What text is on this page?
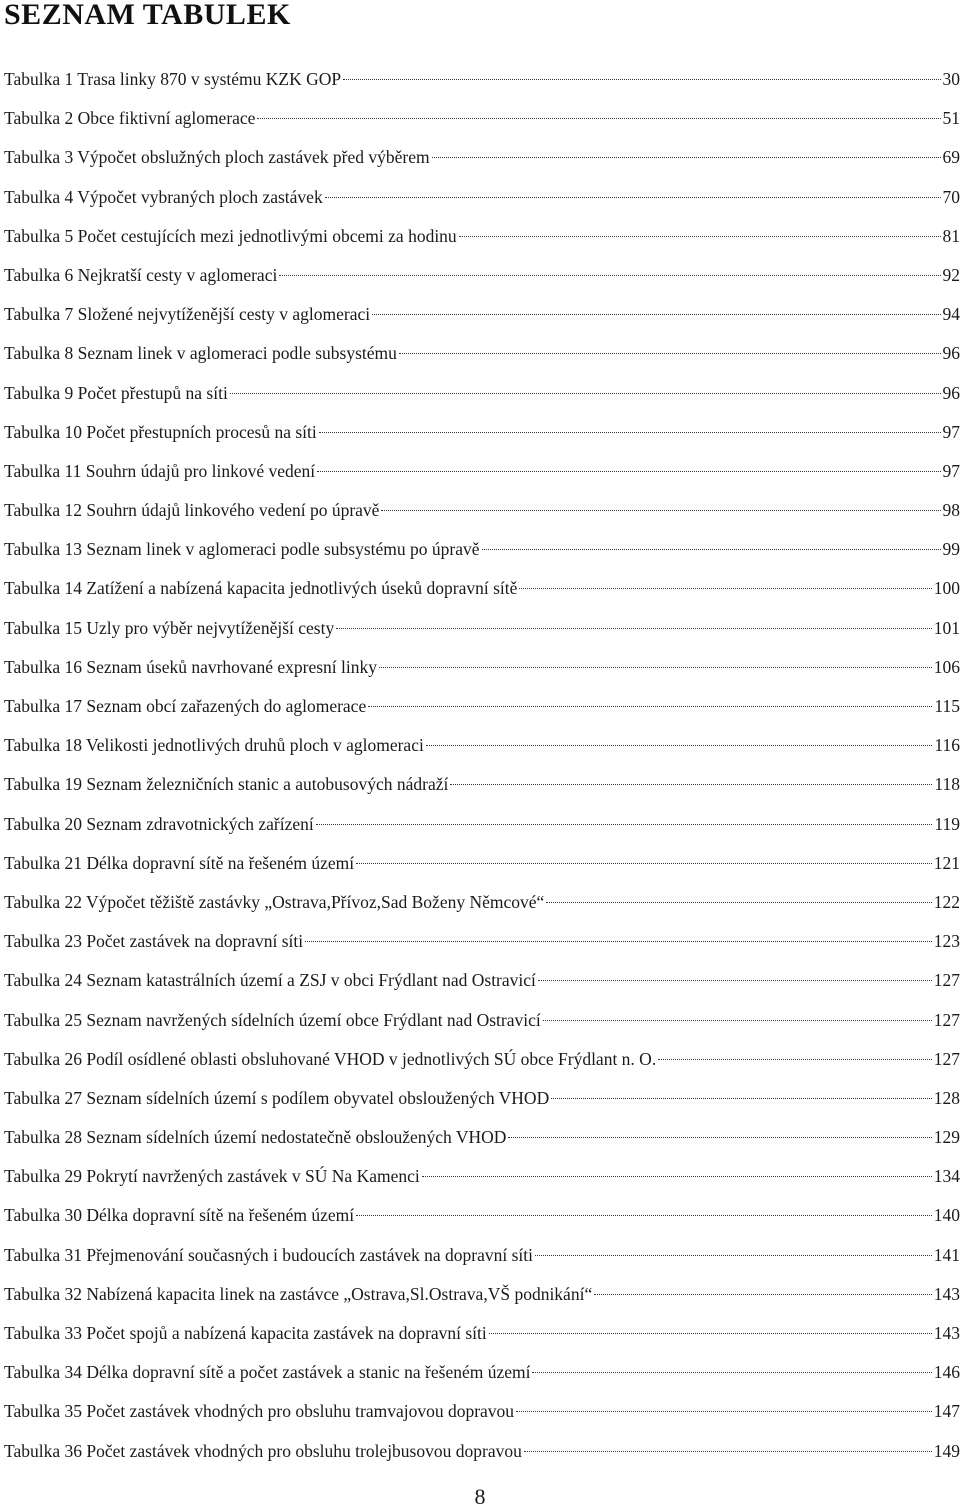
SEZNAM TABULEK
Tabulka 1 Trasa linky 870 v systému KZK GOP	30
Tabulka 2 Obce fiktivní aglomerace	51
Tabulka 3 Výpočet obslužných ploch zastávek před výběrem	69
Tabulka 4 Výpočet vybraných ploch zastávek	70
Tabulka 5 Počet cestujících mezi jednotlivými obcemi za hodinu	81
Tabulka 6 Nejkratší cesty v aglomeraci	92
Tabulka 7 Složené nejvytíženější cesty v aglomeraci	94
Tabulka 8 Seznam linek v aglomeraci podle subsystému	96
Tabulka 9 Počet přestupů na síti	96
Tabulka 10 Počet přestupních procesů na síti	97
Tabulka 11 Souhrn údajů pro linkové vedení	97
Tabulka 12 Souhrn údajů linkového vedení po úpravě	98
Tabulka 13 Seznam linek v aglomeraci podle subsystému po úpravě	99
Tabulka 14 Zatížení a nabízená kapacita jednotlivých úseků dopravní sítě	100
Tabulka 15 Uzly pro výběr nejvytíženější cesty	101
Tabulka 16 Seznam úseků navrhované expresní linky	106
Tabulka 17 Seznam obcí zařazených do aglomerace	115
Tabulka 18 Velikosti jednotlivých druhů ploch v aglomeraci	116
Tabulka 19 Seznam železničních stanic a autobusových nádraží	118
Tabulka 20 Seznam zdravotnických zařízení	119
Tabulka 21 Délka dopravní sítě na řešeném území	121
Tabulka 22 Výpočet těžiště zastávky „Ostrava,Přívoz,Sad Boženy Němcové“	122
Tabulka 23 Počet zastávek na dopravní síti	123
Tabulka 24 Seznam katastrálních území a ZSJ v obci Frýdlant nad Ostravicí	127
Tabulka 25 Seznam navržených sídelních území obce Frýdlant nad Ostravicí	127
Tabulka 26 Podíl osídlené oblasti obsluhované VHOD v jednotlivých SÚ obce Frýdlant n. O.	127
Tabulka 27 Seznam sídelních území s podílem obyvatel obsloužených VHOD	128
Tabulka 28 Seznam sídelních území nedostatečně obsloužených VHOD	129
Tabulka 29 Pokrytí navržených zastávek v SÚ Na Kamenci	134
Tabulka 30 Délka dopravní sítě na řešeném území	140
Tabulka 31 Přejmenování současných i budoucích zastávek na dopravní síti	141
Tabulka 32 Nabízená kapacita linek na zastávce „Ostrava,Sl.Ostrava,VŠ podnikání“	143
Tabulka 33 Počet spojů a nabízená kapacita zastávek na dopravní síti	143
Tabulka 34 Délka dopravní sítě a počet zastávek a stanic na řešeném území	146
Tabulka 35 Počet zastávek vhodných pro obsluhu tramvajovou dopravou	147
Tabulka 36 Počet zastávek vhodných pro obsluhu trolejbusovou dopravou	149
8
